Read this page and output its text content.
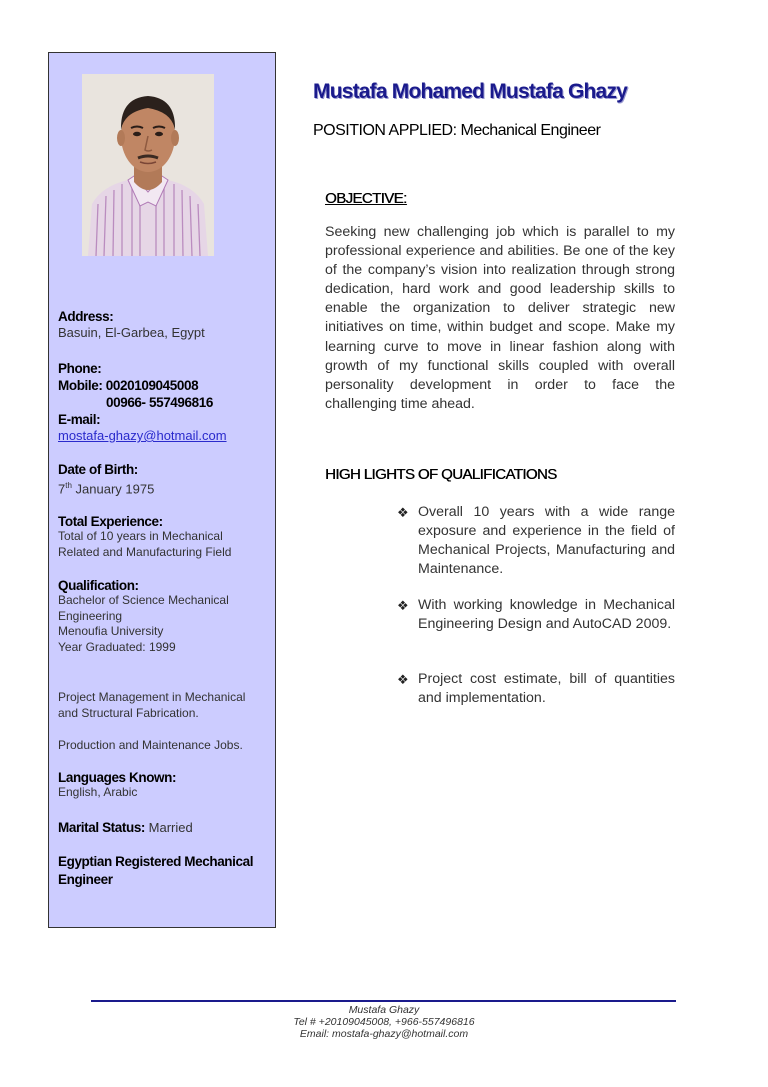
Address:
Basuin, El-Garbea, Egypt
Phone:
Mobile: 0020109045008
00966- 557496816
E-mail:
mostafa-ghazy@hotmail.com
Date of Birth:
7th January 1975
Total Experience:
Total of 10 years in Mechanical Related and Manufacturing Field
Qualification:
Bachelor of Science Mechanical Engineering
Menoufia University
Year Graduated: 1999
Project Management in Mechanical and Structural Fabrication.
Production and Maintenance Jobs.
Languages Known:
English, Arabic
Marital Status: Married
Egyptian Registered Mechanical Engineer
Mustafa Mohamed Mustafa Ghazy
POSITION APPLIED: Mechanical Engineer
OBJECTIVE:
Seeking new challenging job which is parallel to my professional experience and abilities. Be one of the key of the company’s vision into realization through strong dedication, hard work and good leadership skills to enable the organization to deliver strategic new initiatives on time, within budget and scope. Make my learning curve to move in linear fashion along with growth of my functional skills coupled with overall personality development in order to face the challenging time ahead.
HIGH LIGHTS OF QUALIFICATIONS
❖ Overall 10 years with a wide range exposure and experience in the field of Mechanical Projects, Manufacturing and Maintenance.
❖ With working knowledge in Mechanical Engineering Design and AutoCAD 2009.
❖ Project cost estimate, bill of quantities and implementation.
Mustafa Ghazy
Tel # +20109045008, +966-557496816
Email: mostafa-ghazy@hotmail.com
